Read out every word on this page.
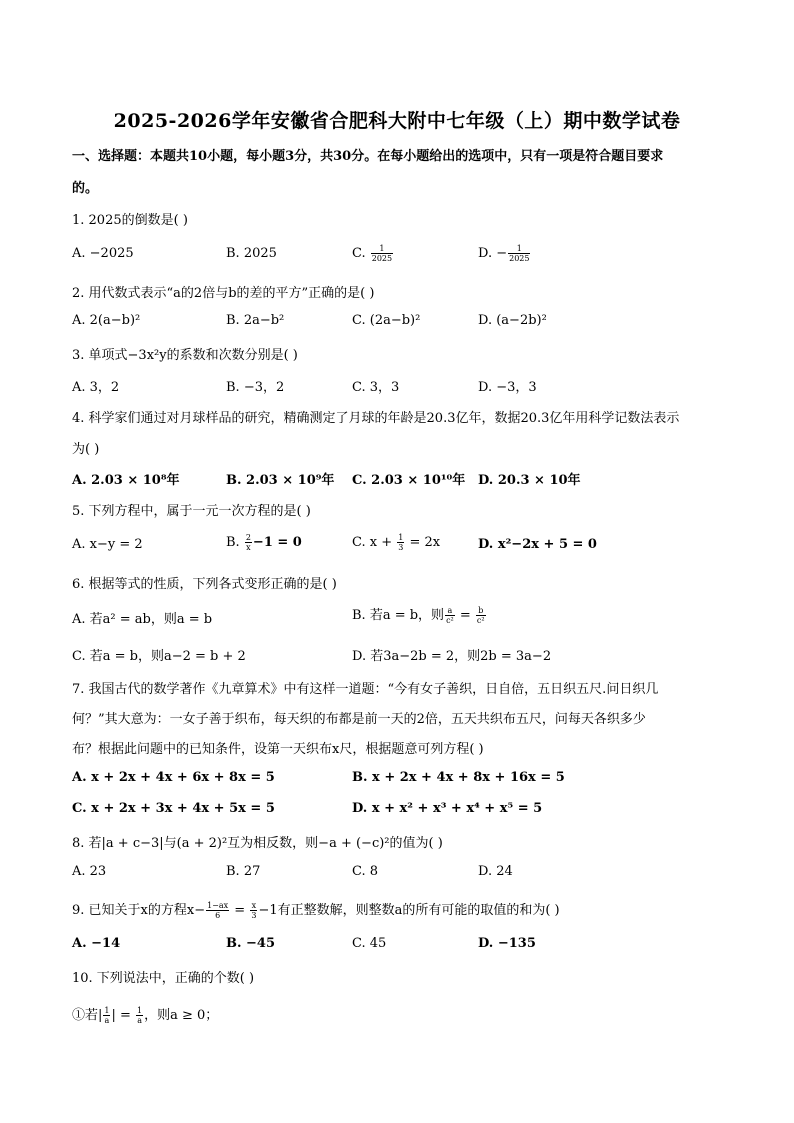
2025-2026学年安徽省合肥科大附中七年级（上）期中数学试卷
一、选择题：本题共10小题，每小题3分，共30分。在每小题给出的选项中，只有一项是符合题目要求
的。
1. 2025的倒数是( )
A. −2025	B. 2025	C. $\frac{1}{2025}$	D. − $\frac{1}{2025}$
2. 用代数式表示“a的2倍与b的差的平方”正确的是( )
A. 2(a−b)²	B. 2a−b²	C. (2a−b)²	D. (a−2b)²
3. 单项式−3x²y的系数和次数分别是( )
A. 3，2	B. −3，2	C. 3，3	D. −3，3
4. 科学家们通过对月球样品的研究，精确测定了月球的年龄是20.3亿年，数据20.3亿年用科学记数法表示
为( )
A. 2.03 × 10⁸年	B. 2.03 × 10⁹年 C. 2.03 × 10¹⁰年 D. 20.3 × 10年
5. 下列方程中，属于一元一次方程的是( )
A. x−y = 2	B. $\frac{2}{x} -1 = 0$	C. $x + \frac{1}{3} = 2x$	D. x²−2x + 5 = 0
6. 根据等式的性质，下列各式变形正确的是( )
A. 若a² = ab，则a = b	B. 若a = b，则 $\frac{a}{\text{c²}} = \frac{b}{\text{c²}}$
C. 若a = b，则a−2 = b + 2	D. 若3a−2b = 2，则2b = 3a−2
7. 我国古代的数学著作《九章算术》中有这样一道题：“今有女子善织，日自倍，五日织五尺.问日织几
何？”其大意为：一女子善于织布，每天织的布都是前一天的2倍，五天共织布五尺，问每天各织多少
布？根据此问题中的已知条件，设第一天织布x尺，根据题意可列方程( )
A. x + 2x + 4x + 6x + 8x = 5	B. x + 2x + 4x + 8x + 16x = 5
C. x + 2x + 3x + 4x + 5x = 5	D. x + x² + x³ + x⁴ + x⁵ = 5
8. 若|a + c−3|与(a + 2)²互为相反数，则−a + (−c)²的值为( )
A. 23	B. 27	C. 8	D. 24
9. 已知关于x的方程$x- \frac{1-ax}{6} = \frac{x}{3} -1$有正整数解，则整数a的所有可能的取值的和为( )
A. −14	B. −45	C. 45	D. −135
10. 下列说法中，正确的个数( )
①若| $\frac{1}{a}$ | = $\frac{1}{a}$ ，则a ≥ 0；
